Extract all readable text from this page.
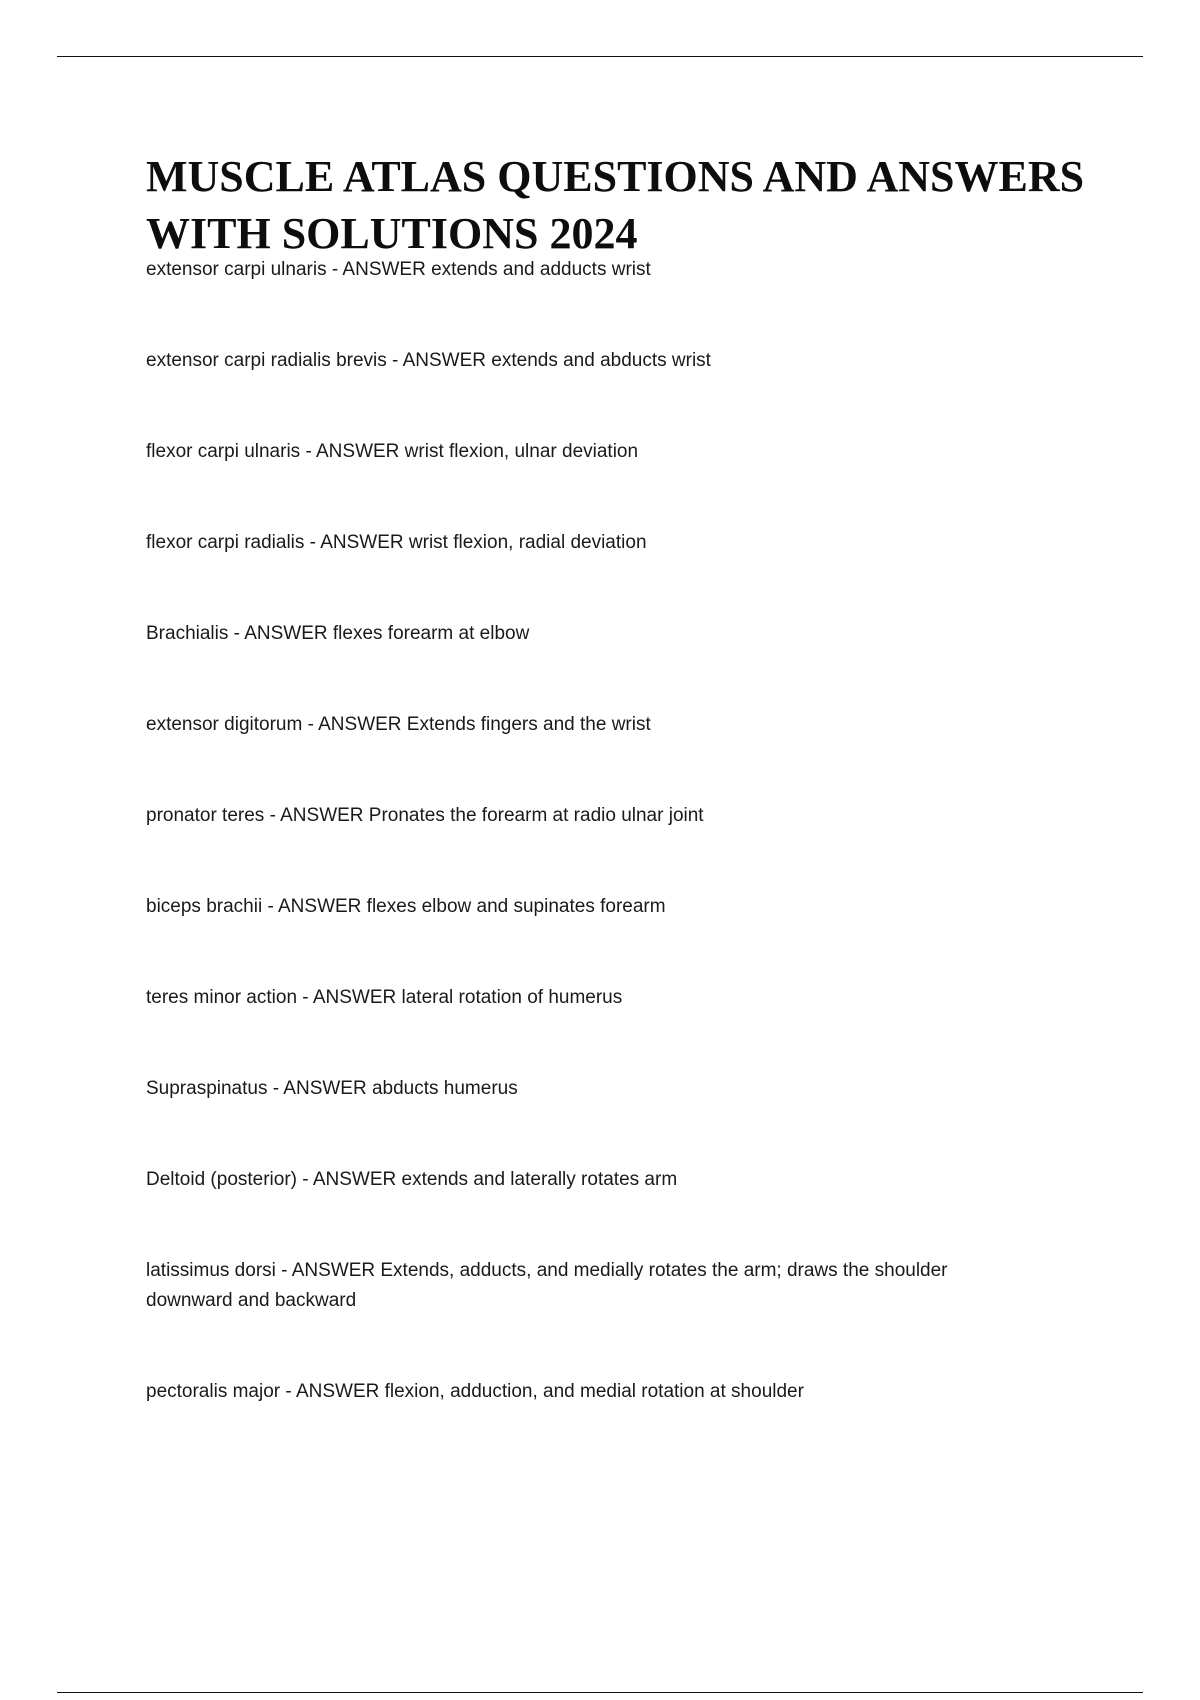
MUSCLE ATLAS QUESTIONS AND ANSWERS WITH SOLUTIONS 2024
extensor carpi ulnaris - ANSWER extends and adducts wrist
extensor carpi radialis brevis - ANSWER extends and abducts wrist
flexor carpi ulnaris - ANSWER wrist flexion, ulnar deviation
flexor carpi radialis - ANSWER wrist flexion, radial deviation
Brachialis - ANSWER flexes forearm at elbow
extensor digitorum - ANSWER Extends fingers and the wrist
pronator teres - ANSWER Pronates the forearm at radio ulnar joint
biceps brachii - ANSWER flexes elbow and supinates forearm
teres minor action - ANSWER lateral rotation of humerus
Supraspinatus - ANSWER abducts humerus
Deltoid (posterior) - ANSWER extends and laterally rotates arm
latissimus dorsi - ANSWER Extends, adducts, and medially rotates the arm; draws the shoulder downward and backward
pectoralis major - ANSWER flexion, adduction, and medial rotation at shoulder
